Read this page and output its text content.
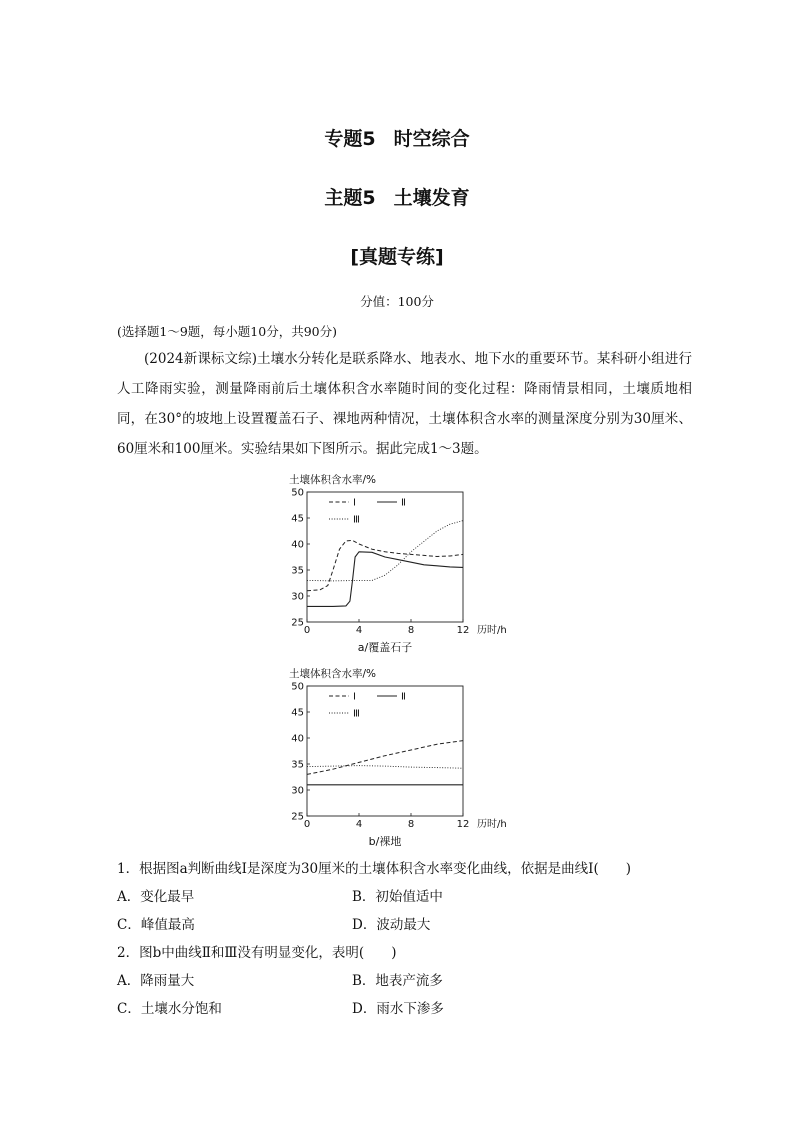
专题5 时空综合
主题5 土壤发育
[真题专练]
分值：100分
(选择题1～9题，每小题10分，共90分)
(2024新课标文综)土壤水分转化是联系降水、地表水、地下水的重要环节。某科研小组进行人工降雨实验，测量降雨前后土壤体积含水率随时间的变化过程：降雨情景相同，土壤质地相同，在30°的坡地上设置覆盖石子、裸地两种情况，土壤体积含水率的测量深度分别为30厘米、60厘米和100厘米。实验结果如下图所示。据此完成1～3题。
土壤体积含水率/%
25
30
35
40
45
50
0	4	8	12 历时/h
a/覆盖石子
Ⅰ	Ⅱ
Ⅲ
土壤体积含水率/%
25
30
35
40
45
50
0	4	8	12 历时/h
b/裸地
Ⅰ	Ⅱ
Ⅲ
1．根据图a判断曲线Ⅰ是深度为30厘米的土壤体积含水率变化曲线，依据是曲线Ⅰ(　　)
A．变化最早	B．初始值适中
C．峰值最高	D．波动最大
2．图b中曲线Ⅱ和Ⅲ没有明显变化，表明(　　)
A．降雨量大	B．地表产流多
C．土壤水分饱和	D．雨水下渗多
